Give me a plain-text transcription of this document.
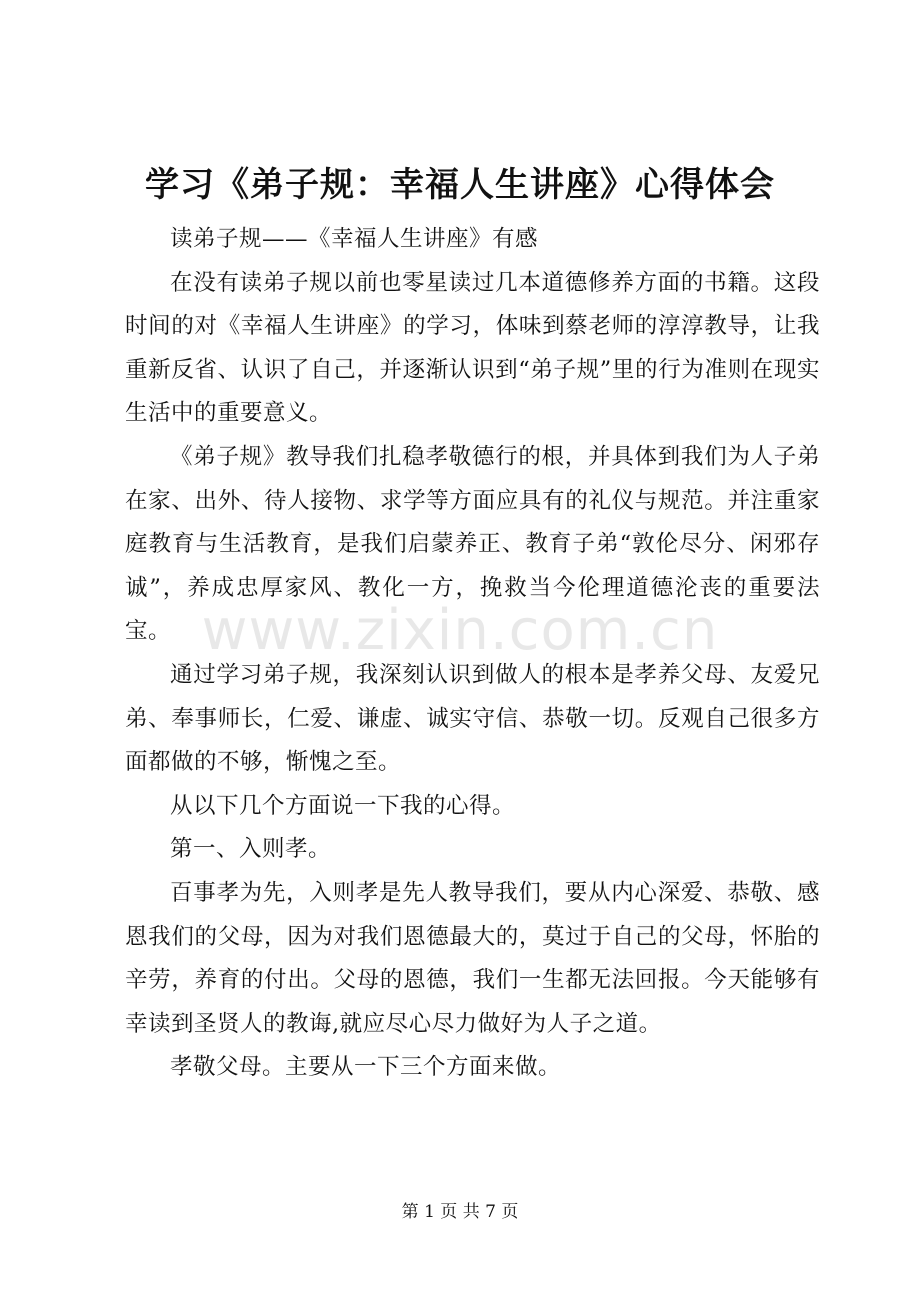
学习《弟子规：幸福人生讲座》心得体会

读弟子规——《幸福人生讲座》有感

在没有读弟子规以前也零星读过几本道德修养方面的书籍。这段时间的对《幸福人生讲座》的学习，体味到蔡老师的淳淳教导，让我重新反省、认识了自己，并逐渐认识到“弟子规”里的行为准则在现实生活中的重要意义。

《弟子规》教导我们扎稳孝敬德行的根，并具体到我们为人子弟在家、出外、待人接物、求学等方面应具有的礼仪与规范。并注重家庭教育与生活教育，是我们启蒙养正、教育子弟“敦伦尽分、闲邪存诚”，养成忠厚家风、教化一方，挽救当今伦理道德沦丧的重要法宝。

通过学习弟子规，我深刻认识到做人的根本是孝养父母、友爱兄弟、奉事师长，仁爱、谦虚、诚实守信、恭敬一切。反观自己很多方面都做的不够，惭愧之至。

从以下几个方面说一下我的心得。

第一、入则孝。

百事孝为先，入则孝是先人教导我们，要从内心深爱、恭敬、感恩我们的父母，因为对我们恩德最大的，莫过于自己的父母，怀胎的辛劳，养育的付出。父母的恩德，我们一生都无法回报。今天能够有幸读到圣贤人的教诲,就应尽心尽力做好为人子之道。

孝敬父母。主要从一下三个方面来做。

www.zixin.com.cn
第 1 页 共 7 页
